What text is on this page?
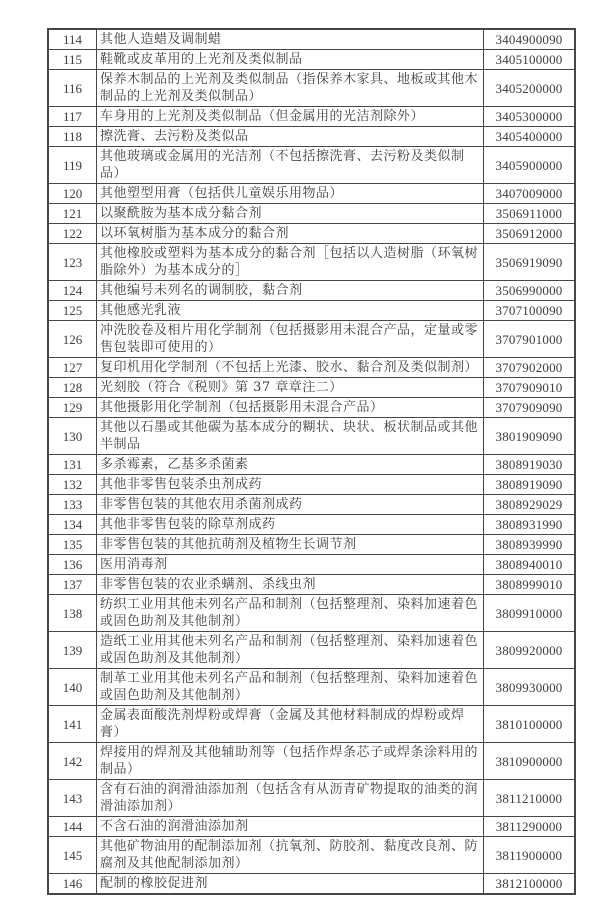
114	其他人造蜡及调制蜡	3404900090
115	鞋靴或皮革用的上光剂及类似制品	3405100000
116	保养木制品的上光剂及类似制品（指保养木家具、地板或其他木制品的上光剂及类似制品）	3405200000
117	车身用的上光剂及类似制品（但金属用的光洁剂除外）	3405300000
118	擦洗膏、去污粉及类似品	3405400000
119	其他玻璃或金属用的光洁剂（不包括擦洗膏、去污粉及类似制品）	3405900000
120	其他塑型用膏（包括供儿童娱乐用物品）	3407009000
121	以聚酰胺为基本成分黏合剂	3506911000
122	以环氧树脂为基本成分的黏合剂	3506912000
123	其他橡胶或塑料为基本成分的黏合剂［包括以人造树脂（环氧树脂除外）为基本成分的］	3506919090
124	其他编号未列名的调制胶，黏合剂	3506990000
125	其他感光乳液	3707100090
126	冲洗胶卷及相片用化学制剂（包括摄影用未混合产品，定量或零售包装即可使用的）	3707901000
127	复印机用化学制剂（不包括上光漆、胶水、黏合剂及类似制剂）	3707902000
128	光刻胶（符合《税则》第 37 章章注二）	3707909010
129	其他摄影用化学制剂（包括摄影用未混合产品）	3707909090
130	其他以石墨或其他碳为基本成分的糊状、块状、板状制品或其他半制品	3801909090
131	多杀霉素，乙基多杀菌素	3808919030
132	其他非零售包装杀虫剂成药	3808919090
133	非零售包装的其他农用杀菌剂成药	3808929029
134	其他非零售包装的除草剂成药	3808931990
135	非零售包装的其他抗萌剂及植物生长调节剂	3808939990
136	医用消毒剂	3808940010
137	非零售包装的农业杀螨剂、杀线虫剂	3808999010
138	纺织工业用其他未列名产品和制剂（包括整理剂、染料加速着色或固色助剂及其他制剂）	3809910000
139	造纸工业用其他未列名产品和制剂（包括整理剂、染料加速着色或固色助剂及其他制剂）	3809920000
140	制革工业用其他未列名产品和制剂（包括整理剂、染料加速着色或固色助剂及其他制剂）	3809930000
141	金属表面酸洗剂焊粉或焊膏（金属及其他材料制成的焊粉或焊膏）	3810100000
142	焊接用的焊剂及其他辅助剂等（包括作焊条芯子或焊条涂料用的制品）	3810900000
143	含有石油的润滑油添加剂（包括含有从沥青矿物提取的油类的润滑油添加剂）	3811210000
144	不含石油的润滑油添加剂	3811290000
145	其他矿物油用的配制添加剂（抗氧剂、防胶剂、黏度改良剂、防腐剂及其他配制添加剂）	3811900000
146	配制的橡胶促进剂	3812100000
